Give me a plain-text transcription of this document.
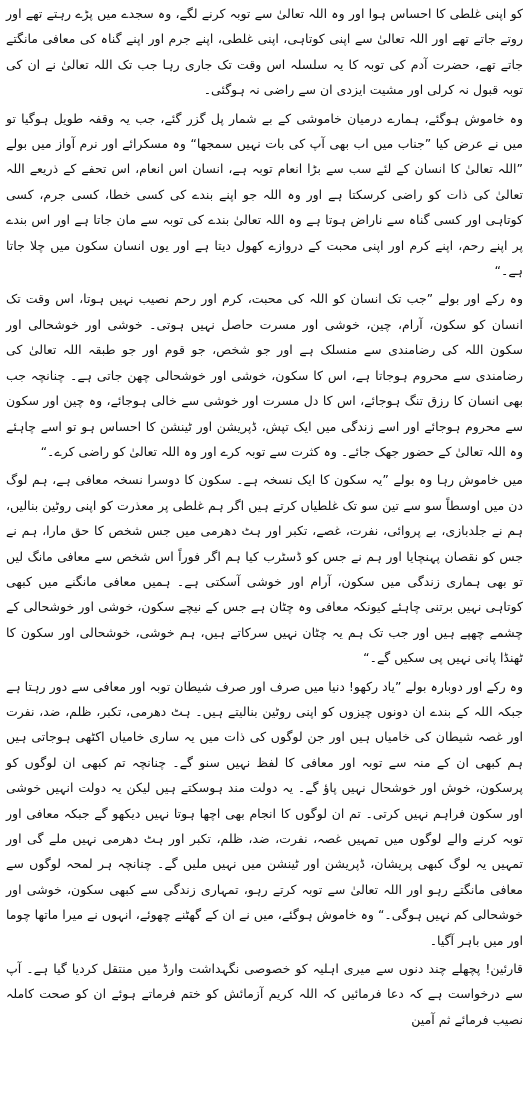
کو اپنی غلطی کا احساس ہوا اور وہ اللہ تعالیٰ سے توبہ کرنے لگے، وہ سجدے میں پڑے رہتے تھے اور روتے جاتے تھے اور اللہ تعالیٰ سے اپنی کوتاہی، اپنی غلطی، اپنے جرم اور اپنے گناہ کی معافی مانگتے جاتے تھے، حضرت آدم کی توبہ کا یہ سلسلہ اس وقت تک جاری رہا جب تک اللہ تعالیٰ نے ان کی توبہ قبول نہ کرلی اور مشیت ایزدی ان سے راضی نہ ہوگئی۔

وہ خاموش ہوگئے، ہمارے درمیان خاموشی کے بے شمار پل گزر گئے، جب یہ وقفہ طویل ہوگیا تو میں نے عرض کیا ”جناب میں اب بھی آپ کی بات نہیں سمجھا“ وہ مسکرائے اور نرم آواز میں بولے ”اللہ تعالیٰ کا انسان کے لئے سب سے بڑا انعام توبہ ہے، انسان اس انعام، اس تحفے کے ذریعے اللہ تعالیٰ کی ذات کو راضی کرسکتا ہے اور وہ اللہ جو اپنے بندے کی کسی خطا، کسی جرم، کسی کوتاہی اور کسی گناہ سے ناراض ہوتا ہے وہ اللہ تعالیٰ بندے کی توبہ سے مان جاتا ہے اور اس بندے پر اپنے رحم، اپنے کرم اور اپنی محبت کے دروازے کھول دیتا ہے اور یوں انسان سکون میں چلا جاتا ہے۔“

وہ رکے اور بولے ”جب تک انسان کو اللہ کی محبت، کرم اور رحم نصیب نہیں ہوتا، اس وقت تک انسان کو سکون، آرام، چین، خوشی اور مسرت حاصل نہیں ہوتی۔ خوشی اور خوشحالی اور سکون اللہ کی رضامندی سے منسلک ہے اور جو شخص، جو قوم اور جو طبقہ اللہ تعالیٰ کی رضامندی سے محروم ہوجاتا ہے، اس کا سکون، خوشی اور خوشحالی چھن جاتی ہے۔ چنانچہ جب بھی انسان کا رزق تنگ ہوجائے، اس کا دل مسرت اور خوشی سے خالی ہوجائے، وہ چین اور سکون سے محروم ہوجائے اور اسے زندگی میں ایک تپش، ڈپریشن اور ٹینشن کا احساس ہو تو اسے چاہئے وہ اللہ تعالیٰ کے حضور جھک جائے۔ وہ کثرت سے توبہ کرے اور وہ اللہ تعالیٰ کو راضی کرے۔“

میں خاموش رہا وہ بولے ”یہ سکون کا ایک نسخہ ہے۔ سکون کا دوسرا نسخہ معافی ہے، ہم لوگ دن میں اوسطاً سو سے تین سو تک غلطیاں کرتے ہیں اگر ہم غلطی پر معذرت کو اپنی روٹین بنالیں، ہم نے جلدبازی، بے پروائی، نفرت، غصے، تکبر اور ہٹ دھرمی میں جس شخص کا حق مارا، ہم نے جس کو نقصان پہنچایا اور ہم نے جس کو ڈسٹرب کیا ہم اگر فوراً اس شخص سے معافی مانگ لیں تو بھی ہماری زندگی میں سکون، آرام اور خوشی آسکتی ہے۔ ہمیں معافی مانگنے میں کبھی کوتاہی نہیں برتنی چاہئے کیونکہ معافی وہ چٹان ہے جس کے نیچے سکون، خوشی اور خوشحالی کے چشمے چھپے ہیں اور جب تک ہم یہ چٹان نہیں سرکاتے ہیں، ہم خوشی، خوشحالی اور سکون کا ٹھنڈا پانی نہیں پی سکیں گے۔“

وہ رکے اور دوبارہ بولے ”یاد رکھو! دنیا میں صرف اور صرف شیطان توبہ اور معافی سے دور رہتا ہے جبکہ اللہ کے بندے ان دونوں چیزوں کو اپنی روٹین بنالیتے ہیں۔ ہٹ دھرمی، تکبر، ظلم، ضد، نفرت اور غصہ شیطان کی خامیاں ہیں اور جن لوگوں کی ذات میں یہ ساری خامیاں اکٹھی ہوجاتی ہیں ہم کبھی ان کے منہ سے توبہ اور معافی کا لفظ نہیں سنو گے۔ چنانچہ تم کبھی ان لوگوں کو پرسکون، خوش اور خوشحال نہیں پاؤ گے۔ یہ دولت مند ہوسکتے ہیں لیکن یہ دولت انہیں خوشی اور سکون فراہم نہیں کرتی۔ تم ان لوگوں کا انجام بھی اچھا ہوتا نہیں دیکھو گے جبکہ معافی اور توبہ کرنے والے لوگوں میں تمہیں غصہ، نفرت، ضد، ظلم، تکبر اور ہٹ دھرمی نہیں ملے گی اور تمہیں یہ لوگ کبھی پریشان، ڈپریشن اور ٹینشن میں نہیں ملیں گے۔ چنانچہ ہر لمحہ لوگوں سے معافی مانگتے رہو اور اللہ تعالیٰ سے توبہ کرتے رہو، تمہاری زندگی سے کبھی سکون، خوشی اور خوشحالی کم نہیں ہوگی۔“ وہ خاموش ہوگئے، میں نے ان کے گھٹنے چھوئے، انہوں نے میرا ماتھا چوما اور میں باہر آگیا۔

قارئین! پچھلے چند دنوں سے میری اہلیہ کو خصوصی نگہداشت وارڈ میں منتقل کردیا گیا ہے۔ آپ سے درخواست ہے کہ دعا فرمائیں کہ اللہ کریم آزمائش کو ختم فرماتے ہوئے ان کو صحت کاملہ نصیب فرمائے ثم آمین
